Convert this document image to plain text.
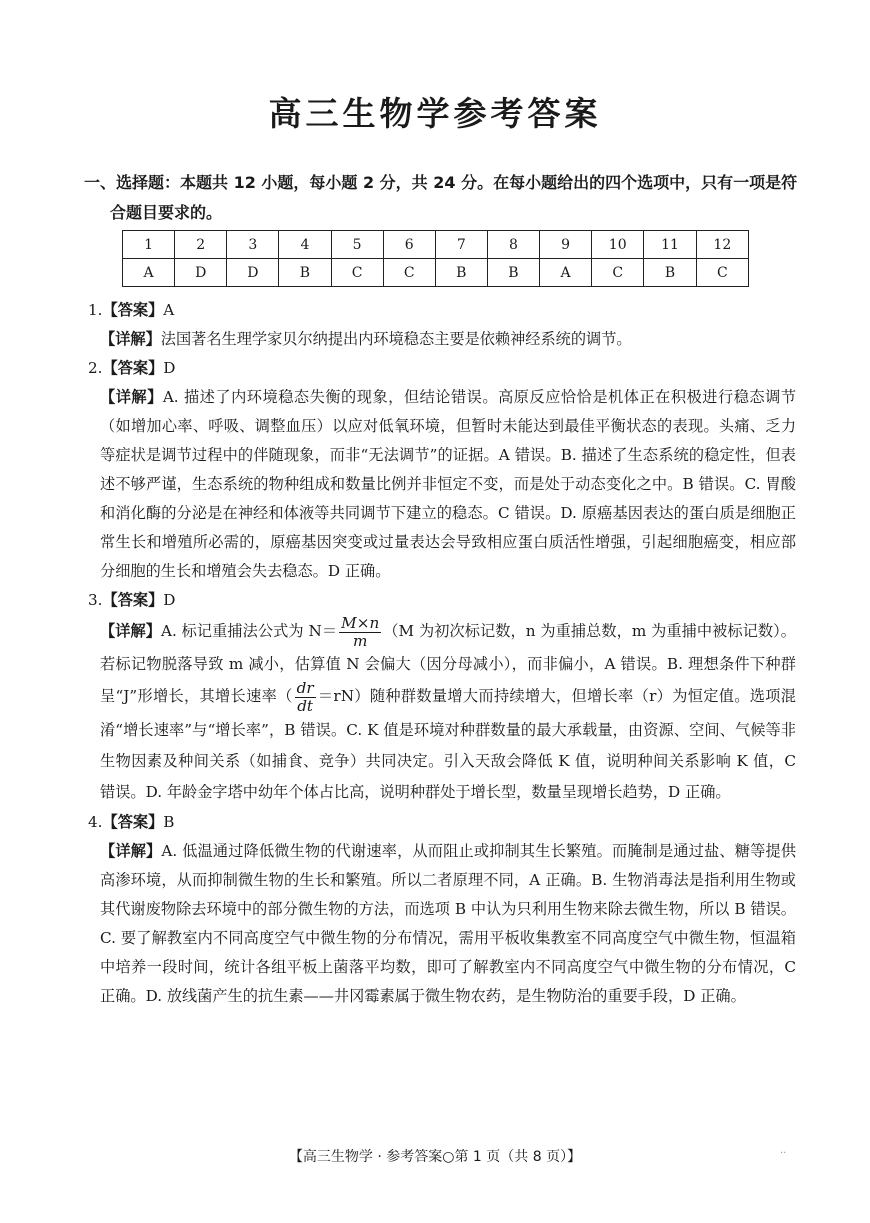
高三生物学参考答案
一、选择题：本题共 12 小题，每小题 2 分，共 24 分。在每小题给出的四个选项中，只有一项是符
合题目要求的。
1	2	3	4	5	6	7	8	9	10	11	12
A	D	D	B	C	C	B	B	A	C	B	C
1.【答案】A
【详解】法国著名生理学家贝尔纳提出内环境稳态主要是依赖神经系统的调节。
2.【答案】D
【详解】A. 描述了内环境稳态失衡的现象，但结论错误。高原反应恰恰是机体正在积极进行稳态调节（如增加心率、呼吸、调整血压）以应对低氧环境，但暂时未能达到最佳平衡状态的表现。头痛、乏力等症状是调节过程中的伴随现象，而非“无法调节”的证据。A 错误。B. 描述了生态系统的稳定性，但表述不够严谨，生态系统的物种组成和数量比例并非恒定不变，而是处于动态变化之中。B 错误。C. 胃酸和消化酶的分泌是在神经和体液等共同调节下建立的稳态。C 错误。D. 原癌基因表达的蛋白质是细胞正常生长和增殖所必需的，原癌基因突变或过量表达会导致相应蛋白质活性增强，引起细胞癌变，相应部分细胞的生长和增殖会失去稳态。D 正确。
3.【答案】D
【详解】A. 标记重捕法公式为 $N= \frac{M\times n}{m} (M$ 为初次标记数，n 为重捕总数，m 为重捕中被标记数）。若标记物脱落导致 m 减小，估算值 N 会偏大（因分母减小），而非偏小，A 错误。B. 理想条件下种群呈“J”形增长，其增长速率（ $\frac{dr}{dt} =rN$）随种群数量增大而持续增大，但增长率（r）为恒定值。选项混淆“增长速率”与“增长率”，B 错误。C. K 值是环境对种群数量的最大承载量，由资源、空间、气候等非生物因素及种间关系（如捕食、竞争）共同决定。引入天敌会降低 K 值，说明种间关系影响 K 值，C 错误。D. 年龄金字塔中幼年个体占比高，说明种群处于增长型，数量呈现增长趋势，D 正确。
4.【答案】B
【详解】A. 低温通过降低微生物的代谢速率，从而阻止或抑制其生长繁殖。而腌制是通过盐、糖等提供高渗环境，从而抑制微生物的生长和繁殖。所以二者原理不同，A 正确。B. 生物消毒法是指利用生物或其代谢废物除去环境中的部分微生物的方法，而选项 B 中认为只利用生物来除去微生物，所以 B 错误。C. 要了解教室内不同高度空气中微生物的分布情况，需用平板收集教室不同高度空气中微生物，恒温箱中培养一段时间，统计各组平板上菌落平均数，即可了解教室内不同高度空气中微生物的分布情况，C 正确。D. 放线菌产生的抗生素——井冈霉素属于微生物农药，是生物防治的重要手段，D 正确。
【高三生物学 · 参考答案○第 1 页（共 8 页）】	··
